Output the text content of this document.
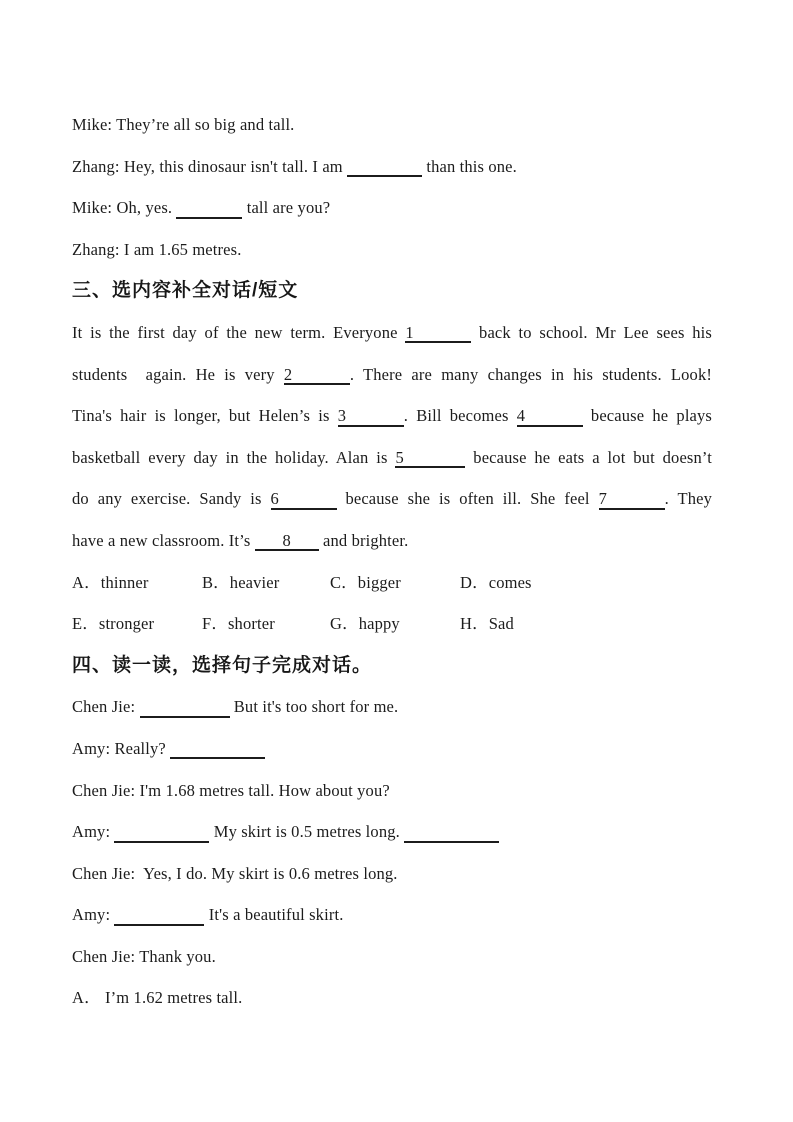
Mike: They’re all so big and tall.
Zhang: Hey, this dinosaur isn't tall. I am	than this one.
Mike: Oh, yes.	tall are you?
Zhang: I am 1.65 metres.
三、选内容补全对话/短文
It is the first day of the new term. Everyone 1	back to school. Mr Lee sees his
students  again. He is very 2	. There are many changes in his students. Look!
Tina's hair is longer, but Helen’s is 3	. Bill becomes 4	because he plays
basketball every day in the holiday. Alan is 5	because he eats a lot but doesn’t
do any exercise. Sandy is 6	because she is often ill. She feel 7	. They
have a new classroom. It’s 8 and brighter.
A．thinner	B．heavier	C．bigger	D．comes
E．stronger	F．shorter	G．happy	H．Sad
四、读一读，选择句子完成对话。
Chen Jie:	But it's too short for me.
Amy: Really?
Chen Jie: I'm 1.68 metres tall. How about you?
Amy:	My skirt is 0.5 metres long.
Chen Jie:  Yes, I do. My skirt is 0.6 metres long.
Amy:	It's a beautiful skirt.
Chen Jie: Thank you.
A． I’m 1.62 metres tall.
